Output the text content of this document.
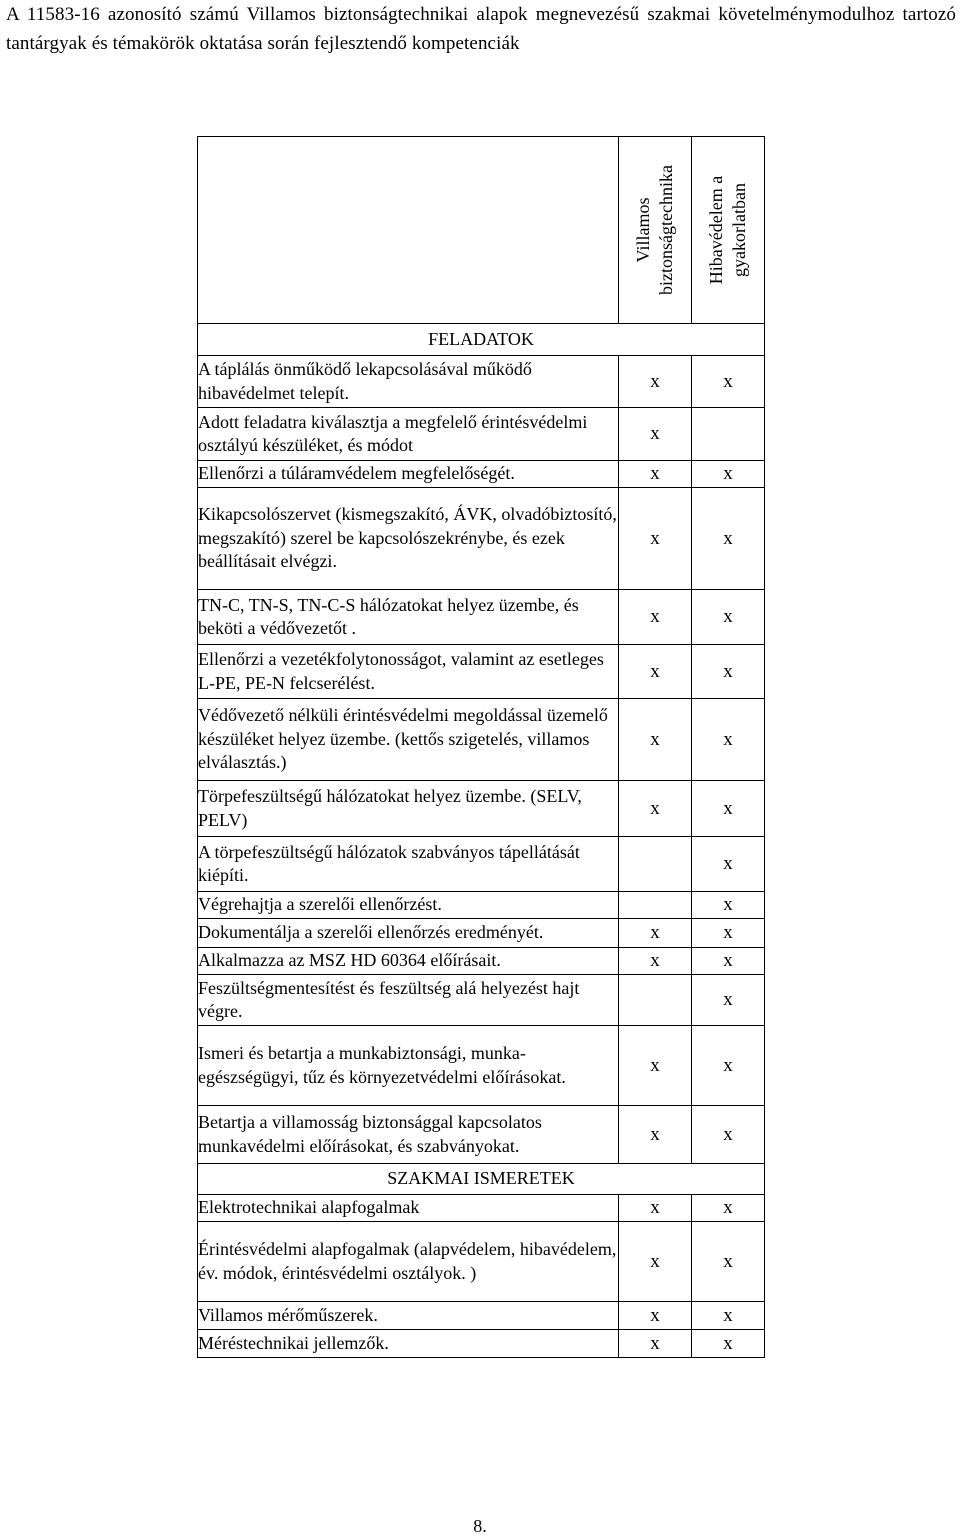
A 11583-16 azonosító számú Villamos biztonságtechnikai alapok megnevezésű szakmai követelménymodulhoz tartozó tantárgyak és témakörök oktatása során fejlesztendő kompetenciák

	Villamos biztonságtechnika	Hibavédelem a gyakorlatban

FELADATOK		
A táplálás önműködő lekapcsolásával működő hibavédelmet telepít.	x	x
Adott feladatra kiválasztja a megfelelő érintésvédelmi osztályú készüléket, és módot	x	
Ellenőrzi a túláramvédelem megfelelőségét.	x	x
Kikapcsolószervet (kismegszakító, ÁVK, olvadóbiztosító, megszakító) szerel be kapcsolószekrénybe, és ezek beállításait elvégzi.	x	x
TN-C, TN-S, TN-C-S hálózatokat helyez üzembe, és beköti a védővezetőt .	x	x
Ellenőrzi a vezetékfolytonosságot, valamint az esetleges L-PE, PE-N felcserélést.	x	x
Védővezető nélküli érintésvédelmi megoldással üzemelő készüléket helyez üzembe. (kettős szigetelés, villamos elválasztás.)	x	x
Törpefeszültségű hálózatokat helyez üzembe. (SELV, PELV)	x	x
A törpefeszültségű hálózatok szabványos tápellátását kiépíti.		x
Végrehajtja a szerelői ellenőrzést.		x
Dokumentálja a szerelői ellenőrzés eredményét.	x	x
Alkalmazza az MSZ HD 60364 előírásait.	x	x
Feszültségmentesítést és feszültség alá helyezést hajt végre.		x
Ismeri és betartja a munkabiztonsági, munka-egészségügyi, tűz és környezetvédelmi előírásokat.	x	x
Betartja a villamosság biztonsággal kapcsolatos munkavédelmi előírásokat, és szabványokat.	x	x
SZAKMAI ISMERETEK		
Elektrotechnikai alapfogalmak	x	x
Érintésvédelmi alapfogalmak (alapvédelem, hibavédelem, év. módok, érintésvédelmi osztályok. )	x	x
Villamos mérőműszerek.	x	x
Méréstechnikai jellemzők.	x	x
8.
